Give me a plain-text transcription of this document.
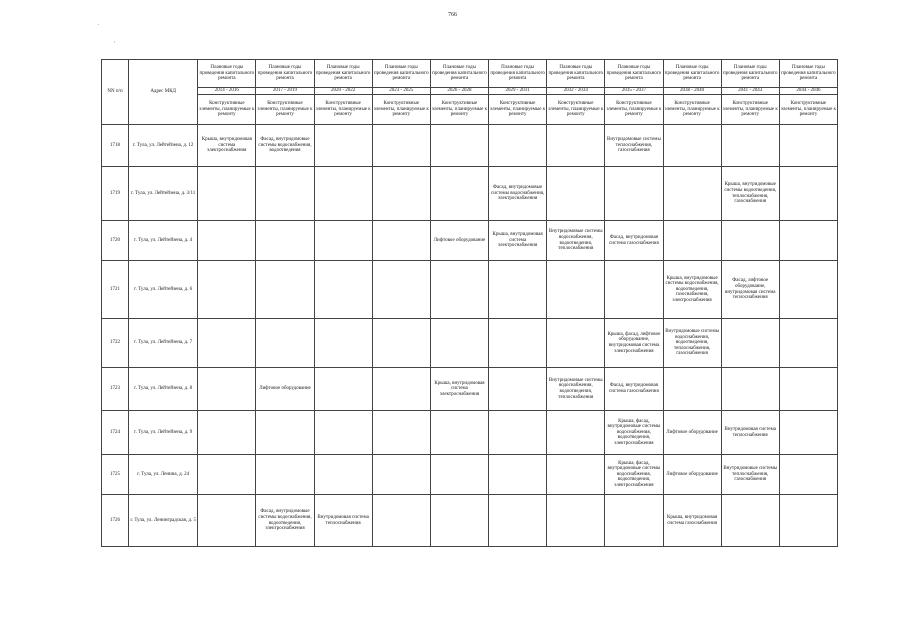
766
.
'
NN п/п	Адрес МКД	Плановые годы проведения капитального ремонта	Плановые годы проведения капитального ремонта	Плановые годы проведения капитального ремонта	Плановые годы проведения капитального ремонта	Плановые годы проведения капитального ремонта	Плановые годы проведения капитального ремонта	Плановые годы проведения капитального ремонта	Плановые годы проведения капитального ремонта	Плановые годы проведения капитального ремонта	Плановые годы проведения капитального ремонта	Плановые годы проведения капитального ремонта
		2014 - 2016	2017 - 2019	2020 - 2022	2023 - 2025	2026 - 2028	2029 - 2031	2032 - 2034	2035 - 2037	2038 - 2040	2041 - 2043	2044 - 2046
		Конструктивные элементы, планируемые к ремонту	Конструктивные элементы, планируемые к ремонту	Конструктивные элементы, планируемые к ремонту	Конструктивные элементы, планируемые к ремонту	Конструктивные элементы, планируемые к ремонту	Конструктивные элементы, планируемые к ремонту	Конструктивные элементы, планируемые к ремонту	Конструктивные элементы, планируемые к ремонту	Конструктивные элементы, планируемые к ремонту	Конструктивные элементы, планируемые к ремонту	Конструктивные элементы, планируемые к ремонту
1718	г. Тула, ул. Лейтейзена, д. 12	Крыша, внутридомовая система электроснабжения	Фасад, внутридомовые системы водоснабжения, водоотведения						Внутридомовые системы теплоснабжения, газоснабжения			
1719	г. Тула, ул. Лейтейзена, д. 3/11						Фасад, внутридомовые системы водоснабжения, электроснабжения				Крыша, внутридомовые системы водоотведения, теплоснабжения, газоснабжения	
1720	г. Тула, ул. Лейтейзена, д. 4					Лифтовое оборудование	Крыша, внутридомовая система электроснабжения	Внутридомовые системы водоснабжения, водоотведения, теплоснабжения	Фасад, внутридомовая система газоснабжения			
1721	г. Тула, ул. Лейтейзена, д. 6									Крыша, внутридомовые системы водоснабжения, водоотведения, газоснабжения, электроснабжения	Фасад, лифтовое оборудование, внутридомовая система теплоснабжения	
1722	г. Тула, ул. Лейтейзена, д. 7								Крыша, фасад, лифтовое оборудование, внутридомовая система электроснабжения	Внутридомовые системы водоснабжения, водоотведения, теплоснабжения, газоснабжения		
1723	г. Тула, ул. Лейтейзена, д. 8		Лифтовое оборудование			Крыша, внутридомовая система электроснабжения		Внутридомовые системы водоснабжения, водоотведения, теплоснабжения	Фасад, внутридомовая система газоснабжения			
1724	г. Тула, ул. Лейтейзена, д. 9								Крыша, фасад, внутридомовые системы водоснабжения, водоотведения, электроснабжения	Лифтовое оборудование	Внутридомовая система теплоснабжения	
1725	г. Тула, ул. Ленина, д. 24								Крыша, фасад, внутридомовые системы водоснабжения, водоотведения, электроснабжения	Лифтовое оборудование	Внутридомовые системы теплоснабжения, газоснабжения	
1726	г. Тула, ул. Ленинградская, д. 5		Фасад, внутридомовые системы водоснабжения, водоотведения, электроснабжения	Внутридомовая система теплоснабжения						Крыша, внутридомовая система газоснабжения		
